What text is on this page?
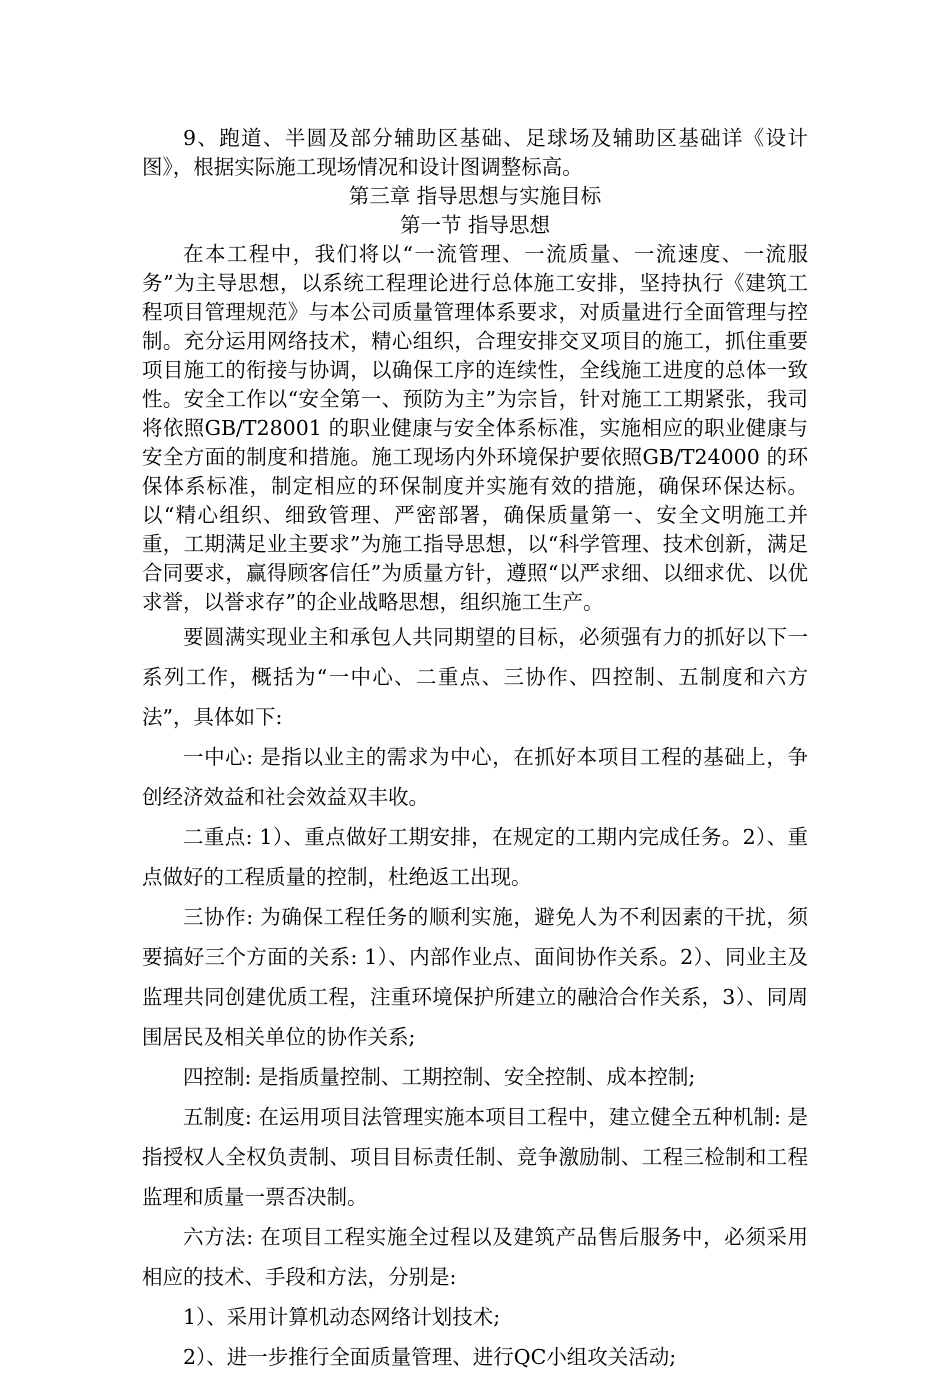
9、跑道、半圆及部分辅助区基础、足球场及辅助区基础详《设计图》，根据实际施工现场情况和设计图调整标高。

第三章 指导思想与实施目标

第一节 指导思想

在本工程中，我们将以“一流管理、一流质量、一流速度、一流服务”为主导思想，以系统工程理论进行总体施工安排，坚持执行《建筑工程项目管理规范》与本公司质量管理体系要求，对质量进行全面管理与控制。充分运用网络技术，精心组织，合理安排交叉项目的施工，抓住重要项目施工的衔接与协调，以确保工序的连续性，全线施工进度的总体一致性。安全工作以“安全第一、预防为主”为宗旨，针对施工工期紧张，我司将依照GB/T28001 的职业健康与安全体系标准，实施相应的职业健康与安全方面的制度和措施。施工现场内外环境保护要依照GB/T24000 的环保体系标准，制定相应的环保制度并实施有效的措施，确保环保达标。以“精心组织、细致管理、严密部署，确保质量第一、安全文明施工并重，工期满足业主要求”为施工指导思想，以“科学管理、技术创新，满足合同要求，赢得顾客信任”为质量方针，遵照“以严求细、以细求优、以优求誉，以誉求存”的企业战略思想，组织施工生产。

要圆满实现业主和承包人共同期望的目标，必须强有力的抓好以下一系列工作，概括为“一中心、二重点、三协作、四控制、五制度和六方法”，具体如下:

一中心: 是指以业主的需求为中心，在抓好本项目工程的基础上，争创经济效益和社会效益双丰收。

二重点: 1）、重点做好工期安排，在规定的工期内完成任务。2）、重点做好的工程质量的控制，杜绝返工出现。

三协作: 为确保工程任务的顺利实施，避免人为不利因素的干扰，须要搞好三个方面的关系: 1）、内部作业点、面间协作关系。2）、同业主及监理共同创建优质工程，注重环境保护所建立的融洽合作关系，3）、同周围居民及相关单位的协作关系;

四控制: 是指质量控制、工期控制、安全控制、成本控制;

五制度: 在运用项目法管理实施本项目工程中，建立健全五种机制: 是指授权人全权负责制、项目目标责任制、竞争激励制、工程三检制和工程监理和质量一票否决制。

六方法: 在项目工程实施全过程以及建筑产品售后服务中，必须采用相应的技术、手段和方法，分别是:

1）、采用计算机动态网络计划技术;

2）、进一步推行全面质量管理、进行QC小组攻关活动;
